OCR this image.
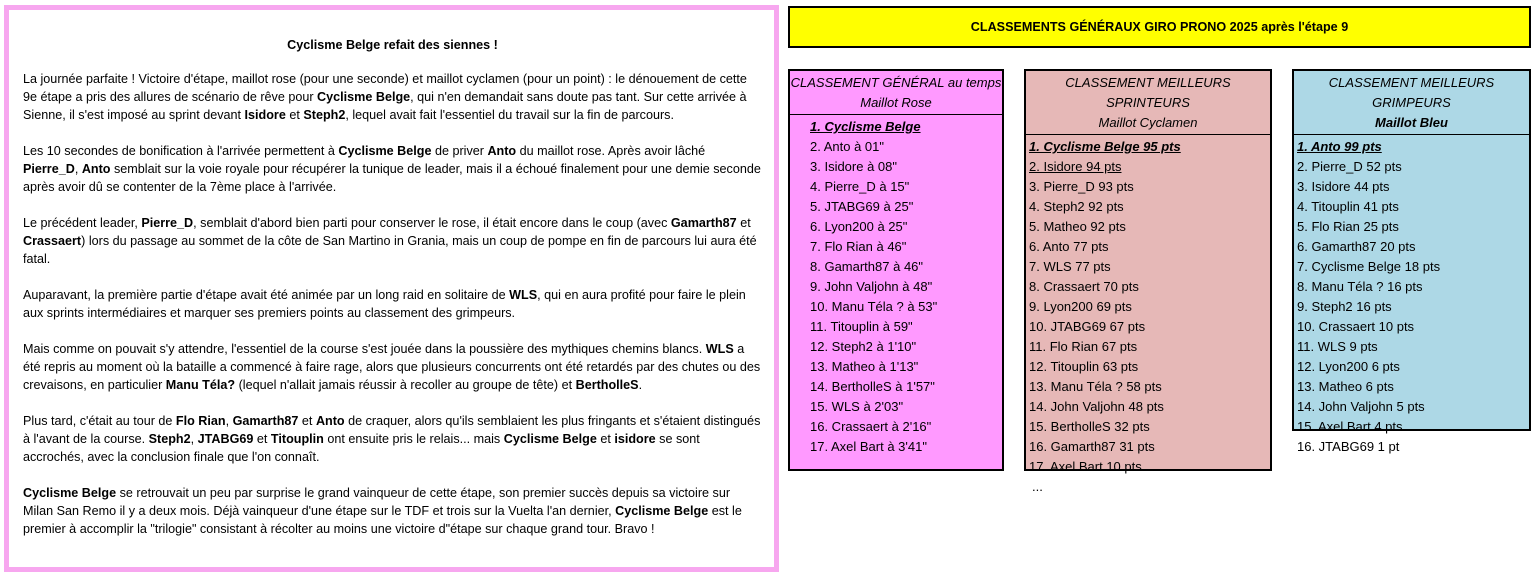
Cyclisme Belge refait des siennes !

La journée parfaite ! Victoire d'étape, maillot rose (pour une seconde) et maillot cyclamen (pour un point) : le dénouement de cette 9e étape a pris des allures de scénario de rêve pour Cyclisme Belge, qui n'en demandait sans doute pas tant. Sur cette arrivée à Sienne, il s'est imposé au sprint devant Isidore et Steph2, lequel avait fait l'essentiel du travail sur la fin de parcours.

Les 10 secondes de bonification à l'arrivée permettent à Cyclisme Belge de priver Anto du maillot rose. Après avoir lâché Pierre_D, Anto semblait sur la voie royale pour récupérer la tunique de leader, mais il a échoué finalement pour une demie seconde après avoir dû se contenter de la 7ème place à l'arrivée.

Le précédent leader, Pierre_D, semblait d'abord bien parti pour conserver le rose, il était encore dans le coup (avec Gamarth87 et Crassaert) lors du passage au sommet de la côte de San Martino in Grania, mais un coup de pompe en fin de parcours lui aura été fatal.

Auparavant, la première partie d'étape avait été animée par un long raid en solitaire de WLS, qui en aura profité pour faire le plein aux sprints intermédiaires et marquer ses premiers points au classement des grimpeurs.

Mais comme on pouvait s'y attendre, l'essentiel de la course s'est jouée dans la poussière des mythiques chemins blancs. WLS a été repris au moment où la bataille a commencé à faire rage, alors que plusieurs concurrents ont été retardés par des chutes ou des crevaisons, en particulier Manu Téla? (lequel n'allait jamais réussir à recoller au groupe de tête) et BertholleS.

Plus tard, c'était au tour de Flo Rian, Gamarth87 et Anto de craquer, alors qu'ils semblaient les plus fringants et s'étaient distingués à l'avant de la course. Steph2, JTABG69 et Titouplin ont ensuite pris le relais... mais Cyclisme Belge et isidore se sont accrochés, avec la conclusion finale que l'on connaît.

Cyclisme Belge se retrouvait un peu par surprise le grand vainqueur de cette étape, son premier succès depuis sa victoire sur Milan San Remo il y a deux mois. Déjà vainqueur d'une étape sur le TDF et trois sur la Vuelta l'an dernier, Cyclisme Belge est le premier à accomplir la "trilogie" consistant à récolter au moins une victoire d"étape sur chaque grand tour. Bravo !

CLASSEMENTS GÉNÉRAUX GIRO PRONO 2025 après l'étape 9
CLASSEMENT GÉNÉRAL au temps
Maillot Rose
1. Cyclisme Belge
2. Anto à 01"
3. Isidore à 08"
4. Pierre_D à 15"
5. JTABG69 à 25"
6. Lyon200 à 25"
7. Flo Rian à 46"
8. Gamarth87 à 46"
9. John Valjohn à 48"
10. Manu Téla ? à 53"
11. Titouplin à 59"
12. Steph2 à 1'10"
13. Matheo à 1'13"
14. BertholleS à 1'57"
15. WLS à 2'03"
16. Crassaert à 2'16"
17. Axel Bart à 3'41"
...
CLASSEMENT MEILLEURS SPRINTEURS
Maillot Cyclamen
1. Cyclisme Belge 95 pts
2. Isidore 94 pts
3. Pierre_D 93 pts
4. Steph2 92 pts
5. Matheo 92 pts
6. Anto 77 pts
7. WLS 77 pts
8. Crassaert 70 pts
9. Lyon200 69 pts
10. JTABG69 67 pts
11. Flo Rian 67 pts
12. Titouplin 63 pts
13. Manu Téla ? 58 pts
14. John Valjohn 48 pts
15. BertholleS 32 pts
16. Gamarth87 31 pts
17. Axel Bart 10 pts
...
CLASSEMENT MEILLEURS GRIMPEURS
Maillot Bleu
1. Anto 99 pts
2. Pierre_D 52 pts
3. Isidore 44 pts
4. Titouplin 41 pts
5. Flo Rian 25 pts
6. Gamarth87 20 pts
7. Cyclisme Belge 18 pts
8. Manu Téla ? 16 pts
9. Steph2 16 pts
10. Crassaert 10 pts
11. WLS 9 pts
12. Lyon200 6 pts
13. Matheo 6 pts
14. John Valjohn 5 pts
15. Axel Bart 4 pts
16. JTABG69 1 pt
